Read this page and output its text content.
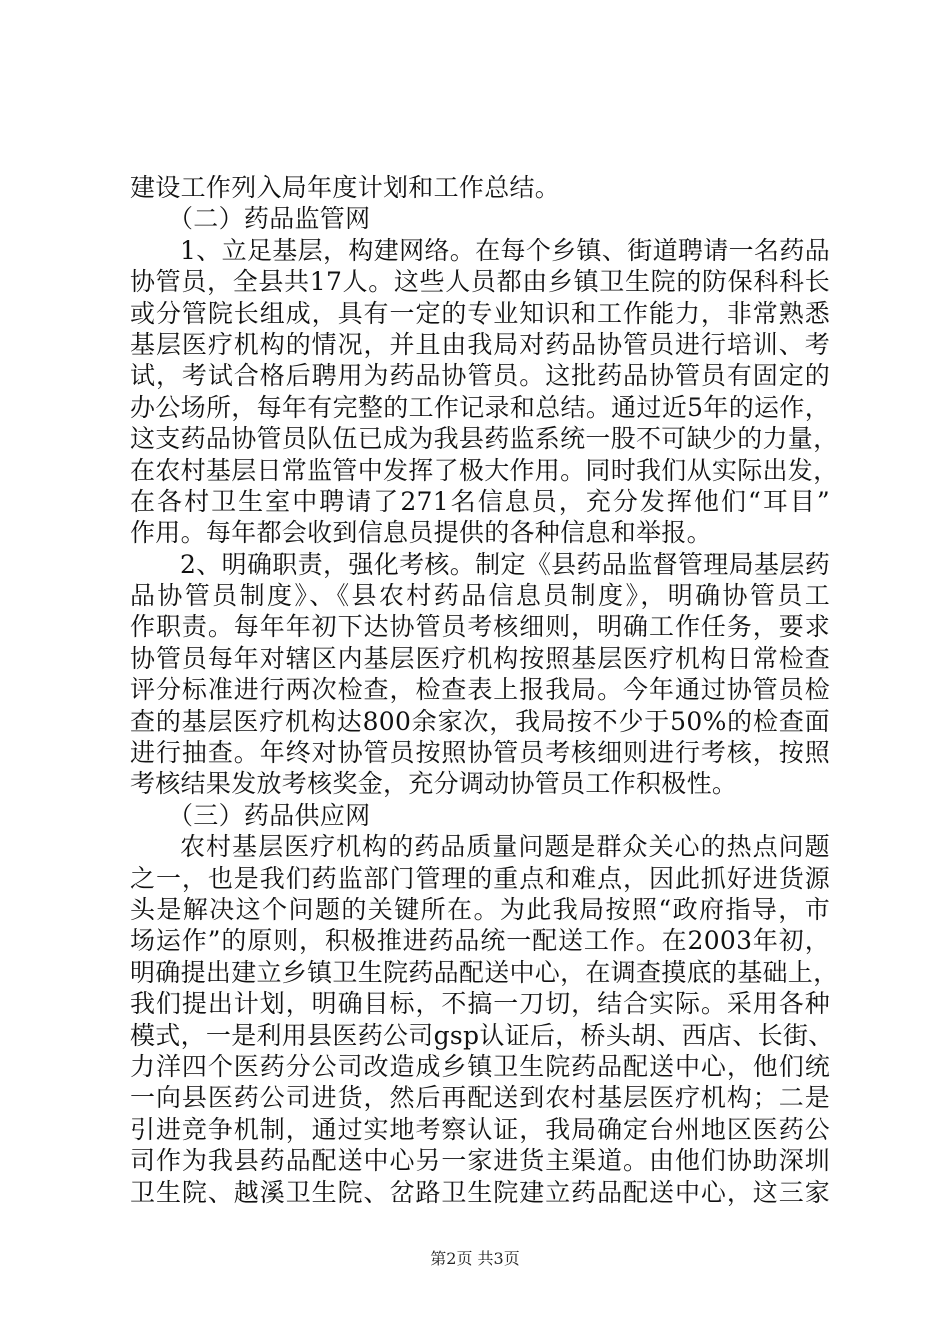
建设工作列入局年度计划和工作总结。
（二）药品监管网
1、立足基层，构建网络。在每个乡镇、街道聘请一名药品
协管员，全县共17人。这些人员都由乡镇卫生院的防保科科长
或分管院长组成，具有一定的专业知识和工作能力，非常熟悉
基层医疗机构的情况，并且由我局对药品协管员进行培训、考
试，考试合格后聘用为药品协管员。这批药品协管员有固定的
办公场所，每年有完整的工作记录和总结。通过近5年的运作，
这支药品协管员队伍已成为我县药监系统一股不可缺少的力量，
在农村基层日常监管中发挥了极大作用。同时我们从实际出发，
在各村卫生室中聘请了271名信息员，充分发挥他们“耳目”
作用。每年都会收到信息员提供的各种信息和举报。
2、明确职责，强化考核。制定《县药品监督管理局基层药
品协管员制度》、《县农村药品信息员制度》，明确协管员工
作职责。每年年初下达协管员考核细则，明确工作任务，要求
协管员每年对辖区内基层医疗机构按照基层医疗机构日常检查
评分标准进行两次检查，检查表上报我局。今年通过协管员检
查的基层医疗机构达800余家次，我局按不少于50%的检查面
进行抽查。年终对协管员按照协管员考核细则进行考核，按照
考核结果发放考核奖金，充分调动协管员工作积极性。
（三）药品供应网
农村基层医疗机构的药品质量问题是群众关心的热点问题
之一，也是我们药监部门管理的重点和难点，因此抓好进货源
头是解决这个问题的关键所在。为此我局按照“政府指导，市
场运作”的原则，积极推进药品统一配送工作。在2003年初，
明确提出建立乡镇卫生院药品配送中心，在调查摸底的基础上，
我们提出计划，明确目标，不搞一刀切，结合实际。采用各种
模式，一是利用县医药公司gsp认证后，桥头胡、西店、长街、
力洋四个医药分公司改造成乡镇卫生院药品配送中心，他们统
一向县医药公司进货，然后再配送到农村基层医疗机构；二是
引进竞争机制，通过实地考察认证，我局确定台州地区医药公
司作为我县药品配送中心另一家进货主渠道。由他们协助深圳
卫生院、越溪卫生院、岔路卫生院建立药品配送中心，这三家
第2页 共3页
